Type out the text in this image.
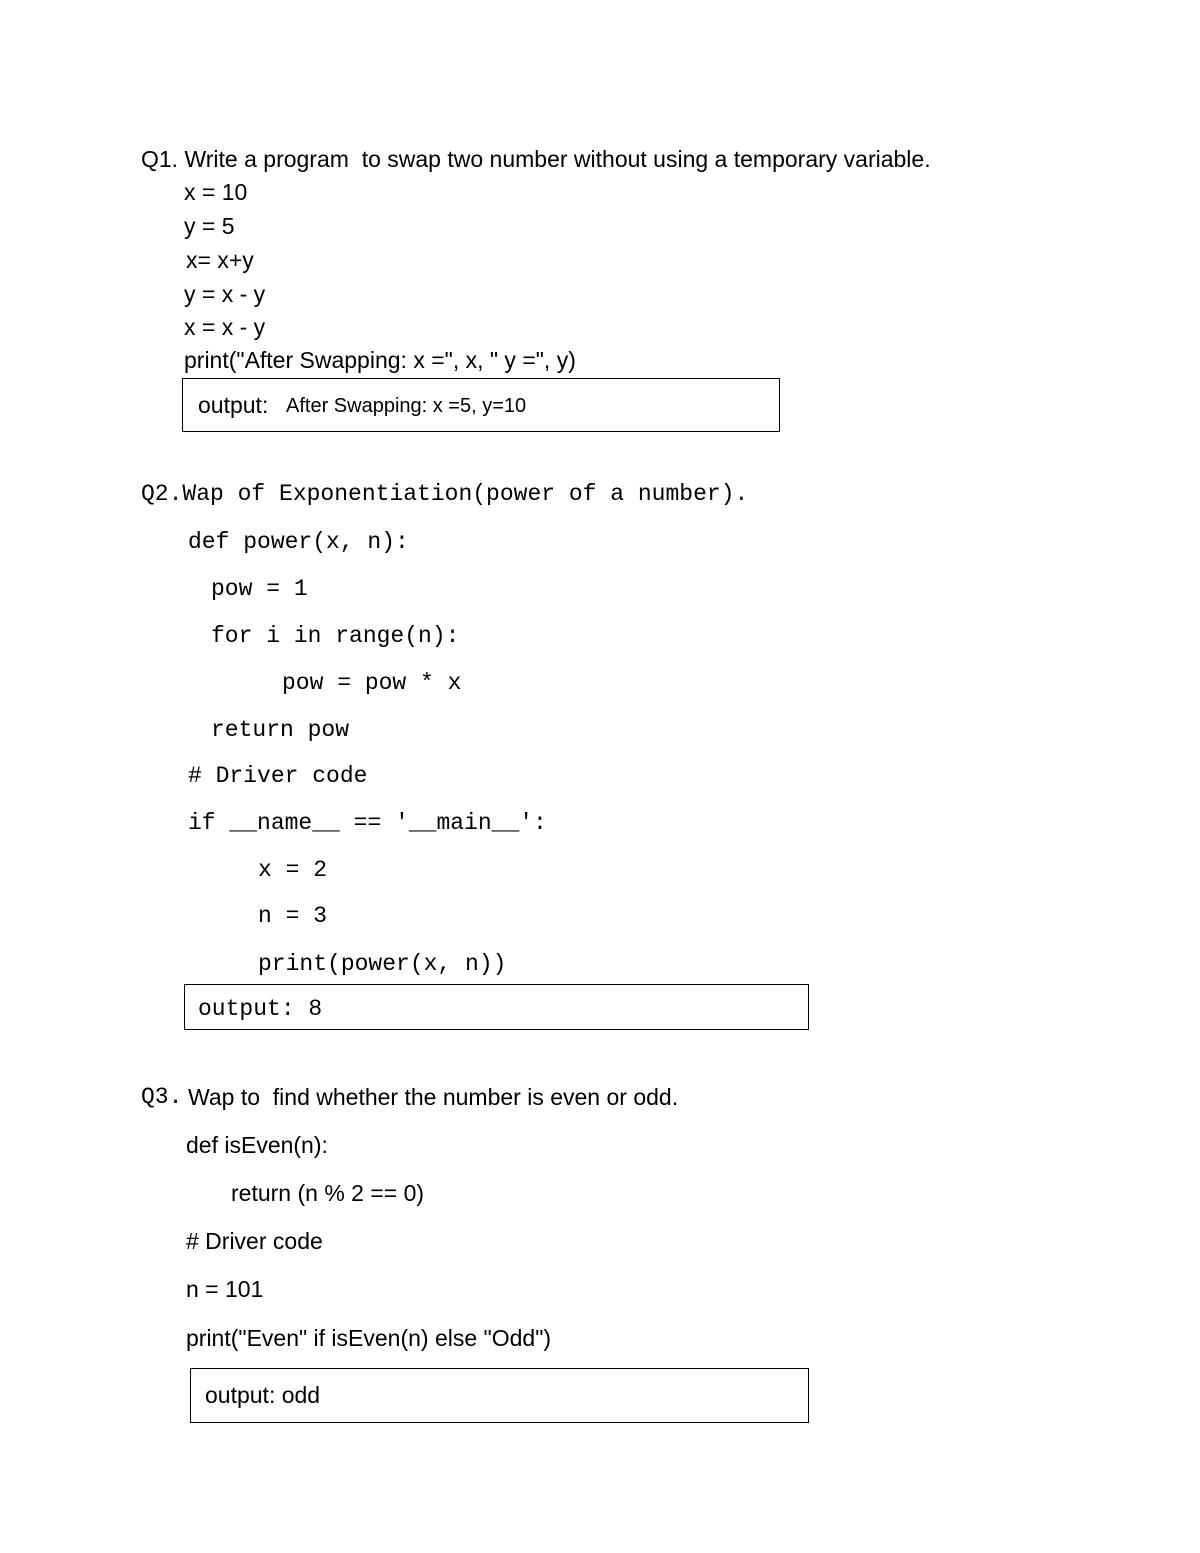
Q1. Write a program  to swap two number without using a temporary variable.
x = 10
y = 5
x= x+y
y = x - y
x = x - y
print("After Swapping: x =", x, " y =", y)
output: After Swapping: x =5, y=10
Q2.Wap of Exponentiation(power of a number).
def power(x, n):
pow = 1
for i in range(n):
pow = pow * x
return pow
# Driver code
if __name__ == '__main__':
x = 2
n = 3
print(power(x, n))
output: 8
Q3. Wap to  find whether the number is even or odd.
def isEven(n):
return (n % 2 == 0)
# Driver code
n = 101
print("Even" if isEven(n) else "Odd")
output: odd
